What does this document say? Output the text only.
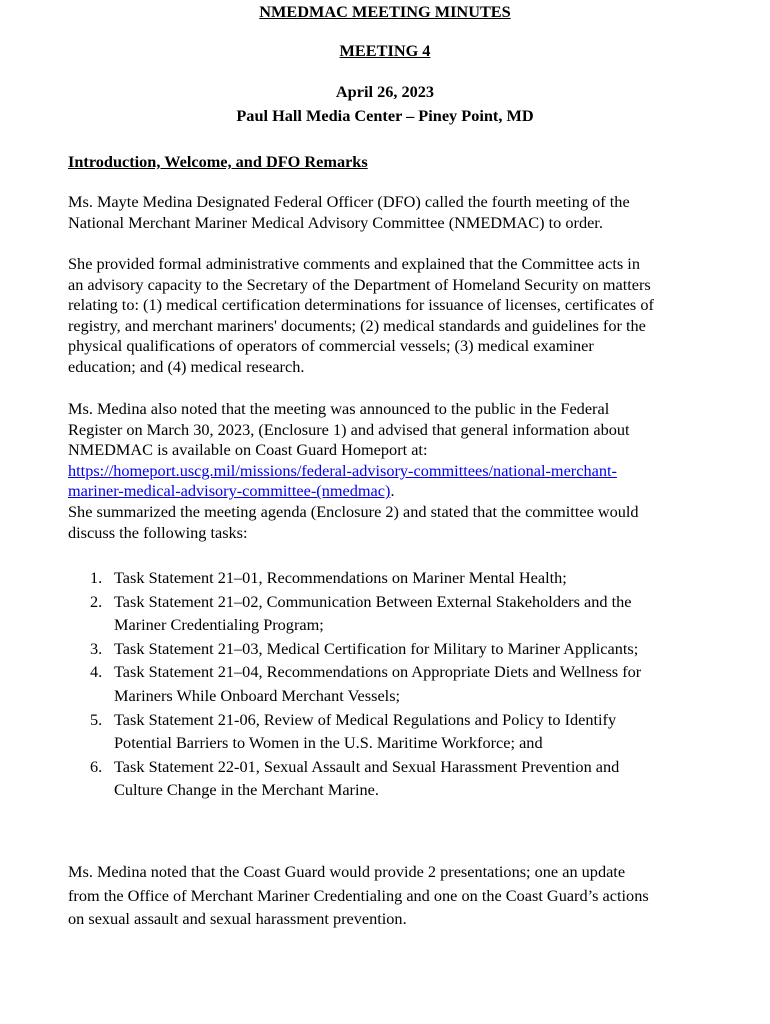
NMEDMAC MEETING MINUTES
MEETING 4
April 26, 2023
Paul Hall Media Center – Piney Point, MD
Introduction, Welcome, and DFO Remarks
Ms. Mayte Medina Designated Federal Officer (DFO) called the fourth meeting of the
National Merchant Mariner Medical Advisory Committee (NMEDMAC) to order.
She provided formal administrative comments and explained that the Committee acts in
an advisory capacity to the Secretary of the Department of Homeland Security on matters
relating to: (1) medical certification determinations for issuance of licenses, certificates of
registry, and merchant mariners' documents; (2) medical standards and guidelines for the
physical qualifications of operators of commercial vessels; (3) medical examiner
education; and (4) medical research.
Ms. Medina also noted that the meeting was announced to the public in the Federal
Register on March 30, 2023, (Enclosure 1) and advised that general information about
NMEDMAC is available on Coast Guard Homeport at:
https://homeport.uscg.mil/missions/federal-advisory-committees/national-merchant-
mariner-medical-advisory-committee-(nmedmac).
She summarized the meeting agenda (Enclosure 2) and stated that the committee would
discuss the following tasks:
1. Task Statement 21–01, Recommendations on Mariner Mental Health;
2. Task Statement 21–02, Communication Between External Stakeholders and the
Mariner Credentialing Program;
3. Task Statement 21–03, Medical Certification for Military to Mariner Applicants;
4. Task Statement 21–04, Recommendations on Appropriate Diets and Wellness for
Mariners While Onboard Merchant Vessels;
5. Task Statement 21-06, Review of Medical Regulations and Policy to Identify
Potential Barriers to Women in the U.S. Maritime Workforce; and
6. Task Statement 22-01, Sexual Assault and Sexual Harassment Prevention and
Culture Change in the Merchant Marine.
Ms. Medina noted that the Coast Guard would provide 2 presentations; one an update
from the Office of Merchant Mariner Credentialing and one on the Coast Guard’s actions
on sexual assault and sexual harassment prevention.
